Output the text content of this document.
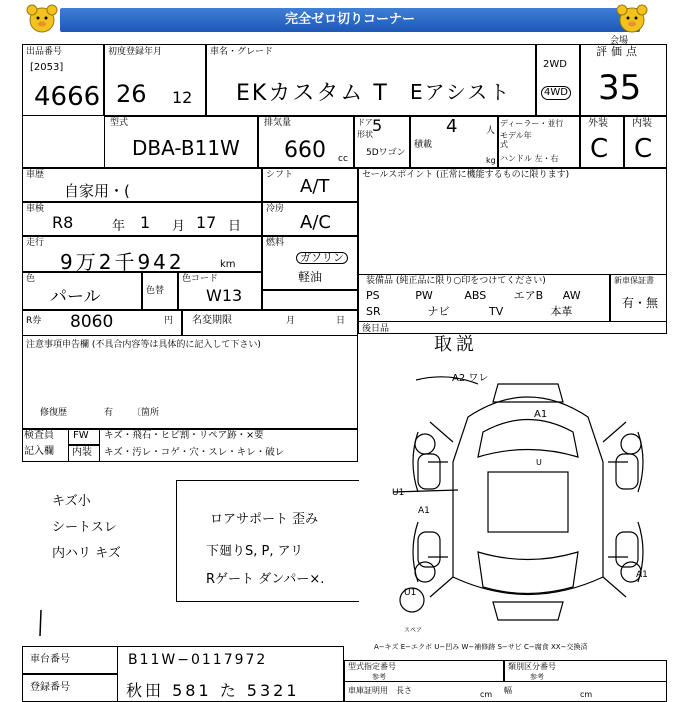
完全ゼロ切りコーナー
会場
出品番号
[2053]
4666
初度登録年月
26 12
車名・グレード
EKカスタム T Eアシスト
2WD
4WD
評価点
35
型式
DBA-B11W
排気量
660 cc
ドア
形状 5
5Dワゴン
4	人
積載
kg
ディーラー・並行
モデル年式
ハンドル 左・右
外装 内装
C C
車歴
自家用・(
シフト
A/T
車検
R8	年 1 月 17 日
冷房
A/C
走行
9万2千942	km
燃料
ガソリン
軽油
色
パール	色替
色コード
W13
R券 8060	円 名変期限	月	日
注意事項申告欄 (不具合内容等は具体的に記入して下さい)
修復歴	有 〔箇所
セールスポイント (正常に機能するものに限ります)
装備品 (純正品に限り○印をつけてください)
PS	PW	ABS エアB AW
SR	ナビ	TV	本革
新車保証書
有・無
後日品
取説
検査員
記入欄
FW キズ・飛石・ヒビ割・リペア跡・×要
内装 キズ・汚レ・コゲ・穴・スレ・キレ・破レ
キズ小
シートスレ
内ハリ キズ
ロアサポート 歪み
下廻りS, P, アリ
Rゲート ダンパー×.
A2 ワレ
A1
U
A1
U1
A1
U1
スペア
A−キズ E−エクボ U−凹み W−補修跡 S−サビ C−腐食 XX−交換済
車台番号	B11W−0117972
登録番号	秋田 581 た 5321
型式指定番号
参考
類別区分番号
参考
車庫証明用 長さ	cm 幅	cm
